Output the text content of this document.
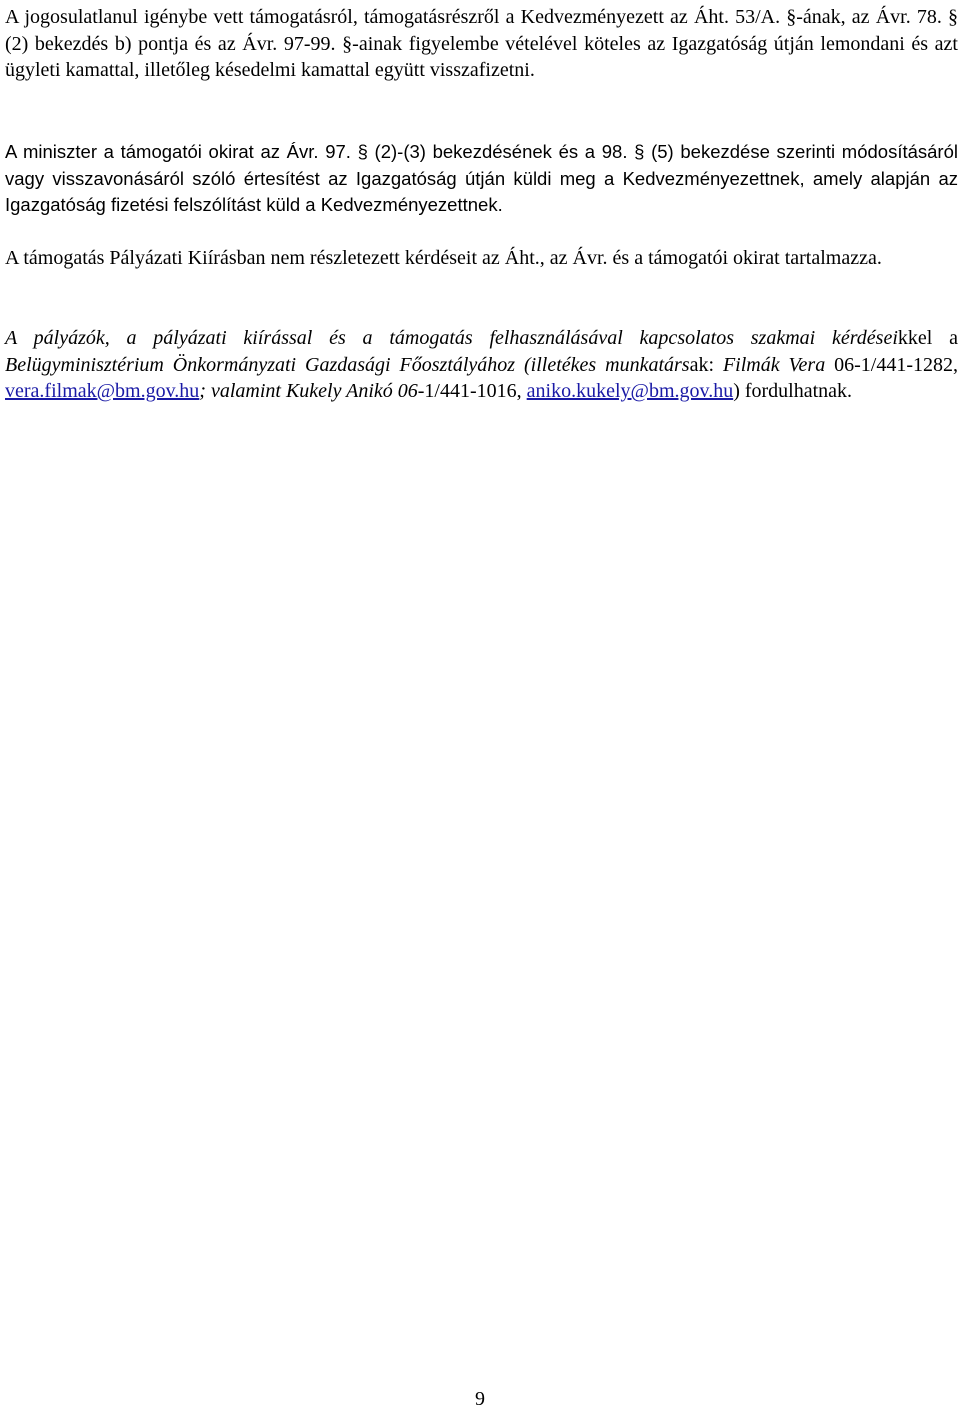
A jogosulatlanul igénybe vett támogatásról, támogatásrészről a Kedvezményezett az Áht. 53/A. §-ának, az Ávr. 78. § (2) bekezdés b) pontja és az Ávr. 97-99. §-ainak figyelembe vételével köteles az Igazgatóság útján lemondani és azt ügyleti kamattal, illetőleg késedelmi kamattal együtt visszafizetni.

A miniszter a támogatói okirat az Ávr. 97. § (2)-(3) bekezdésének és a 98. § (5) bekezdése szerinti módosításáról vagy visszavonásáról szóló értesítést az Igazgatóság útján küldi meg a Kedvezményezettnek, amely alapján az Igazgatóság fizetési felszólítást küld a Kedvezményezettnek.

A támogatás Pályázati Kiírásban nem részletezett kérdéseit az Áht., az Ávr. és a támogatói okirat tartalmazza.

A pályázók, a pályázati kiírással és a támogatás felhasználásával kapcsolatos szakmai kérdéseikkel a Belügyminisztérium Önkormányzati Gazdasági Főosztályához (illetékes munkatársak: Filmák Vera 06-1/441-1282, vera.filmak@bm.gov.hu; valamint Kukely Anikó 06-1/441-1016, aniko.kukely@bm.gov.hu) fordulhatnak.

9
